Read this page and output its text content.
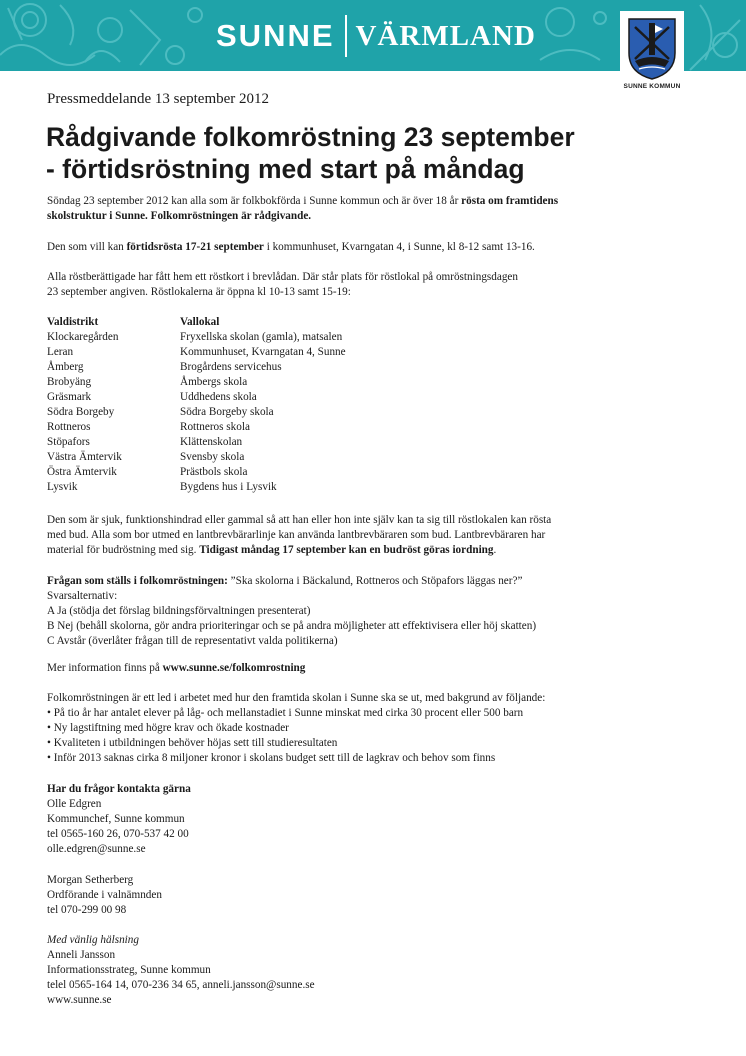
SUNNE VÄRMLAND
SUNNE KOMMUN
Pressmeddelande 13 september 2012
Rådgivande folkomröstning 23 september
- förtidsröstning med start på måndag

Söndag 23 september 2012 kan alla som är folkbokförda i Sunne kommun och är över 18 år rösta om framtidens
skolstruktur i Sunne. Folkomröstningen är rådgivande.

Den som vill kan förtidsrösta 17-21 september i kommunhuset, Kvarngatan 4, i Sunne, kl 8-12 samt 13-16.

Alla röstberättigade har fått hem ett röstkort i brevlådan. Där står plats för röstlokal på omröstningsdagen
23 september angiven. Röstlokalerna är öppna kl 10-13 samt 15-19:

Valdistrikt	Vallokal
Klockaregården	Fryxellska skolan (gamla), matsalen
Leran	Kommunhuset, Kvarngatan 4, Sunne
Åmberg	Brogårdens servicehus
Brobyäng	Åmbergs skola
Gräsmark	Uddhedens skola
Södra Borgeby	Södra Borgeby skola
Rottneros	Rottneros skola
Stöpafors	Klättenskolan
Västra Ämtervik	Svensby skola
Östra Ämtervik	Prästbols skola
Lysvik	Bygdens hus i Lysvik

Den som är sjuk, funktionshindrad eller gammal så att han eller hon inte själv kan ta sig till röstlokalen kan rösta
med bud. Alla som bor utmed en lantbrevbärarlinje kan använda lantbrevbäraren som bud. Lantbrevbäraren har
material för budröstning med sig. Tidigast måndag 17 september kan en budröst göras iordning.

Frågan som ställs i folkomröstningen: ”Ska skolorna i Bäckalund, Rottneros och Stöpafors läggas ner?”
Svarsalternativ:
A Ja (stödja det förslag bildningsförvaltningen presenterat)
B Nej (behåll skolorna, gör andra prioriteringar och se på andra möjligheter att effektivisera eller höj skatten)
C Avstår (överlåter frågan till de representativt valda politikerna)

Mer information finns på www.sunne.se/folkomrostning

Folkomröstningen är ett led i arbetet med hur den framtida skolan i Sunne ska se ut, med bakgrund av följande:
• På tio år har antalet elever på låg- och mellanstadiet i Sunne minskat med cirka 30 procent eller 500 barn
• Ny lagstiftning med högre krav och ökade kostnader
• Kvaliteten i utbildningen behöver höjas sett till studieresultaten
• Inför 2013 saknas cirka 8 miljoner kronor i skolans budget sett till de lagkrav och behov som finns

Har du frågor kontakta gärna
Olle Edgren
Kommunchef, Sunne kommun
tel 0565-160 26, 070-537 42 00
olle.edgren@sunne.se

Morgan Setherberg
Ordförande i valnämnden
tel 070-299 00 98

Med vänlig hälsning
Anneli Jansson
Informationsstrateg, Sunne kommun
telel 0565-164 14, 070-236 34 65, anneli.jansson@sunne.se
www.sunne.se
